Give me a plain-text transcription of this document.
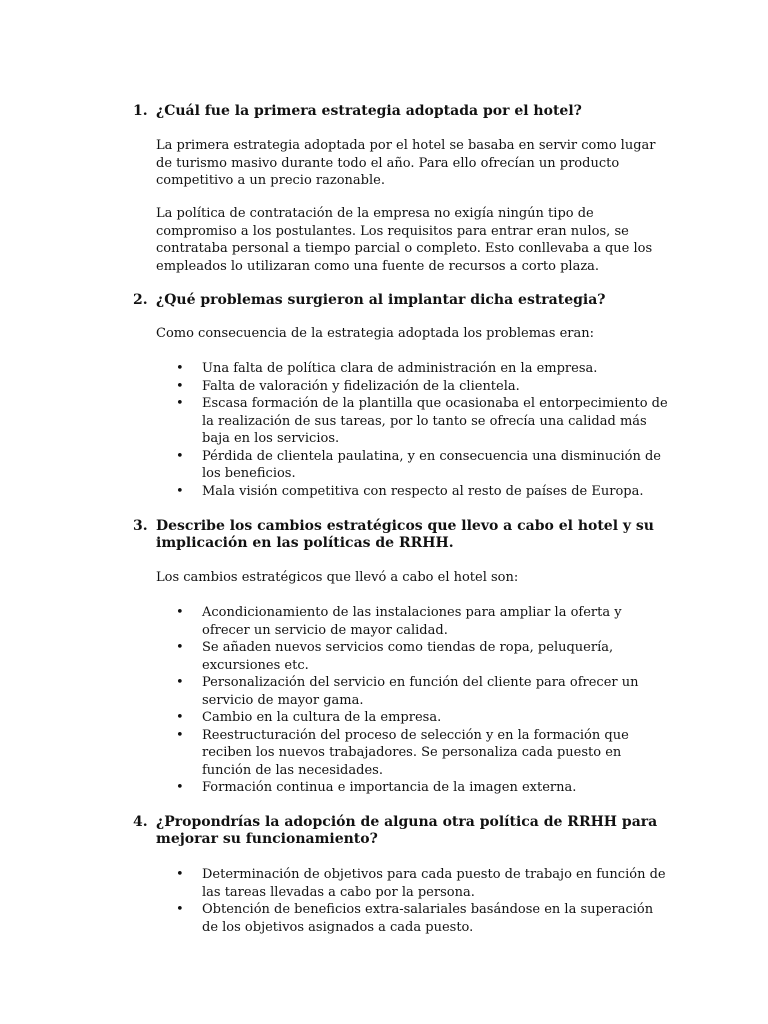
1. ¿Cuál fue la primera estrategia adoptada por el hotel?

La primera estrategia adoptada por el hotel se basaba en servir como lugar de turismo masivo durante todo el año. Para ello ofrecían un producto competitivo a un precio razonable.

La política de contratación de la empresa no exigía ningún tipo de compromiso a los postulantes. Los requisitos para entrar eran nulos, se contrataba personal a tiempo parcial o completo. Esto conllevaba a que los empleados lo utilizaran como una fuente de recursos a corto plaza.

2. ¿Qué problemas surgieron al implantar dicha estrategia?

Como consecuencia de la estrategia adoptada los problemas eran:

• Una falta de política clara de administración en la empresa.
• Falta de valoración y fidelización de la clientela.
• Escasa formación de la plantilla que ocasionaba el entorpecimiento de la realización de sus tareas, por lo tanto se ofrecía una calidad más baja en los servicios.
• Pérdida de clientela paulatina, y en consecuencia una disminución de los beneficios.
• Mala visión competitiva con respecto al resto de países de Europa.
3. Describe los cambios estratégicos que llevo a cabo el hotel y su implicación en las políticas de RRHH.

Los cambios estratégicos que llevó a cabo el hotel son:

• Acondicionamiento de las instalaciones para ampliar la oferta y ofrecer un servicio de mayor calidad.
• Se añaden nuevos servicios como tiendas de ropa, peluquería, excursiones etc.
• Personalización del servicio en función del cliente para ofrecer un servicio de mayor gama.
• Cambio en la cultura de la empresa.
• Reestructuración del proceso de selección y en la formación que reciben los nuevos trabajadores. Se personaliza cada puesto en función de las necesidades.
• Formación continua e importancia de la imagen externa.
4. ¿Propondrías la adopción de alguna otra política de RRHH para mejorar su funcionamiento?
• Determinación de objetivos para cada puesto de trabajo en función de las tareas llevadas a cabo por la persona.
• Obtención de beneficios extra-salariales basándose en la superación de los objetivos asignados a cada puesto.
